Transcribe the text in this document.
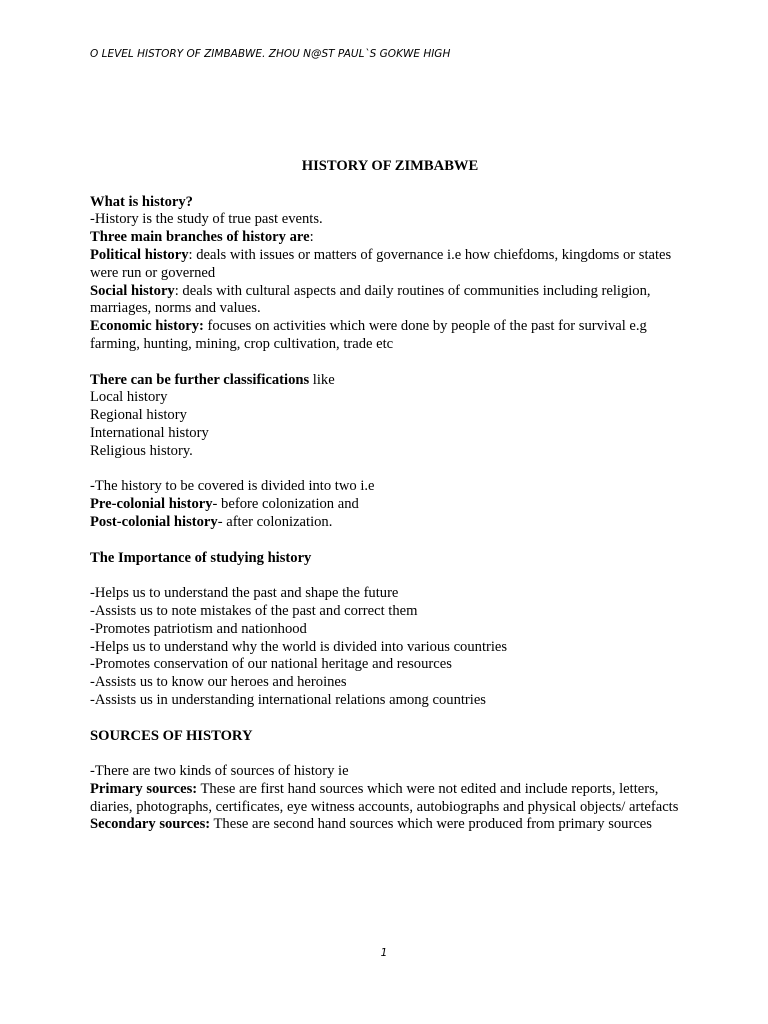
O LEVEL HISTORY OF ZIMBABWE. ZHOU N@ST PAUL`S GOKWE HIGH

HISTORY OF ZIMBABWE

What is history?

-History is the study of true past events.

Three main branches of history are:

Political history: deals with issues or matters of governance i.e how chiefdoms, kingdoms or states were run or governed

Social history: deals with cultural aspects and daily routines of communities including religion, marriages, norms and values.

Economic history: focuses on activities which were done by people of the past for survival e.g farming, hunting, mining, crop cultivation, trade etc

There can be further classifications like

Local history

Regional history

International history

Religious history.

-The history to be covered is divided into two i.e

Pre-colonial history- before colonization and

Post-colonial history- after colonization.

The Importance of studying history

-Helps us to understand the past and shape the future

-Assists us to note mistakes of the past and correct them

-Promotes patriotism and nationhood

-Helps us to understand why the world is divided into various countries

-Promotes conservation of our national heritage and resources

-Assists us to know our heroes and heroines

-Assists us in understanding international relations among countries

SOURCES OF HISTORY

-There are two kinds of sources of history ie

Primary sources: These are first hand sources which were not edited and include reports, letters, diaries, photographs, certificates, eye witness accounts, autobiographs and physical objects/ artefacts

Secondary sources: These are second hand sources which were produced from primary sources

1
